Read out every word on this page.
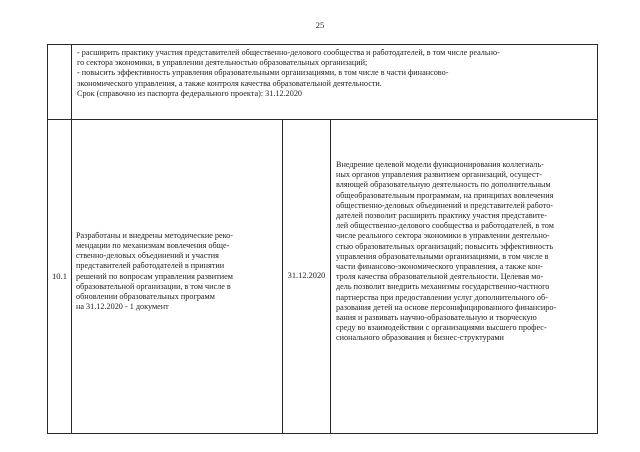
25
- расширить практику участия представителей общественно-делового сообщества и работодателей, в том числе реально-
го сектора экономики, в управлении деятельностью образовательных организаций;
- повысить эффективность управления образовательными организациями, в том числе в части финансово-
экономического управления, а также контроля качества образовательной деятельности.
Срок (справочно из паспорта федерального проекта): 31.12.2020
10.1
Разработаны и внедрены методические реко-
мендации по механизмам вовлечения обще-
ственно-деловых объединений и участия
представителей работодателей в принятии
решений по вопросам управления развитием
образовательной организации, в том числе в
обновлении образовательных программ
на 31.12.2020 - 1 документ
31.12.2020
Внедрение целевой модели функционирования коллегиаль-
ных органов управления развитием организаций, осущест-
вляющей образовательную деятельность по дополнительным
общеобразовательным программам, на принципах вовлечения
общественно-деловых объединений и представителей работо-
дателей позволит расширить практику участия представите-
лей общественно-делового сообщества и работодателей, в том
числе реального сектора экономики в управлении деятельно-
стью образовательных организаций; повысить эффективность
управления образовательными организациями, в том числе в
части финансово-экономического управления, а также кон-
троля качества образовательной деятельности. Целевая мо-
дель позволит внедрить механизмы государственно-частного
партнерства при предоставлении услуг дополнительного об-
разования детей на основе персонифицированного финансиро-
вания и развивать научно-образовательную и творческую
среду во взаимодействии с организациями высшего профес-
сионального образования и бизнес-структурами
